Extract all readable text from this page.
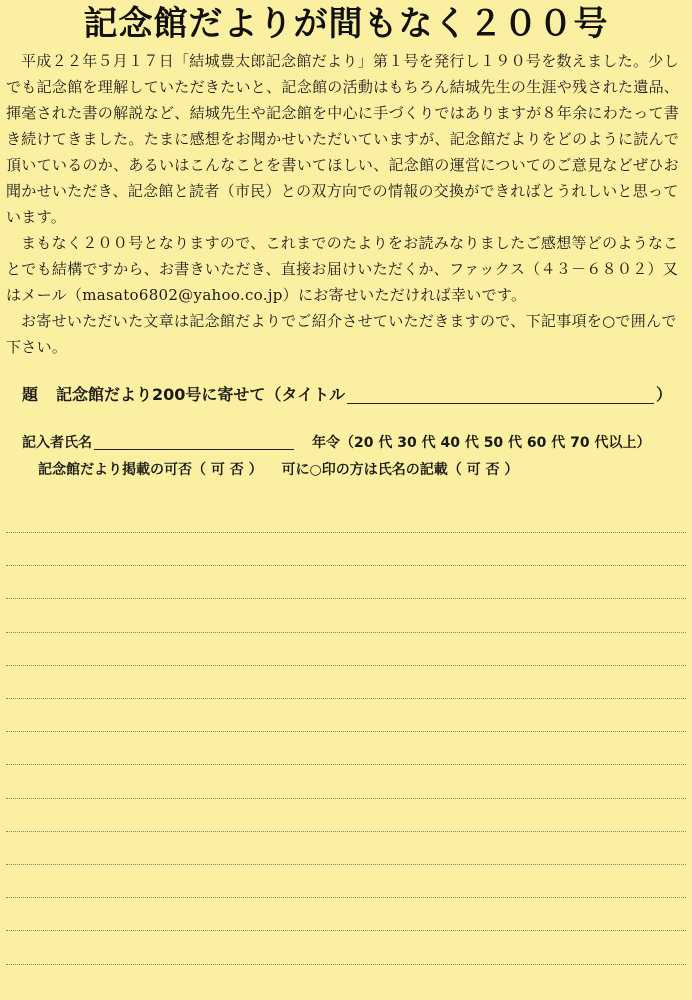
記念館だよりが間もなく２００号

平成２２年５月１７日「結城豊太郎記念館だより」第１号を発行し１９０号を数えました。少しでも記念館を理解していただきたいと、記念館の活動はもちろん結城先生の生涯や残された遺品、揮毫された書の解説など、結城先生や記念館を中心に手づくりではありますが８年余にわたって書き続けてきました。たまに感想をお聞かせいただいていますが、記念館だよりをどのように読んで頂いているのか、あるいはこんなことを書いてほしい、記念館の運営についてのご意見などぜひお聞かせいただき、記念館と読者（市民）との双方向での情報の交換ができればとうれしいと思っています。

まもなく２００号となりますので、これまでのたよりをお読みなりましたご感想等どのようなことでも結構ですから、お書きいただき、直接お届けいただくか、ファックス（４３－６８０２）又はメール（masato6802@yahoo.co.jp）にお寄せいただければ幸いです。

お寄せいただいた文章は記念館だよりでご紹介させていただきますので、下記事項を○で囲んで下さい。

題 記念館だより200号に寄せて（タイトル	）
記入者氏名	年令（20 代 30 代 40 代 50 代 60 代 70 代以上）
記念館だより掲載の可否（ 可 否 ） 可に○印の方は氏名の記載（ 可 否 ）
